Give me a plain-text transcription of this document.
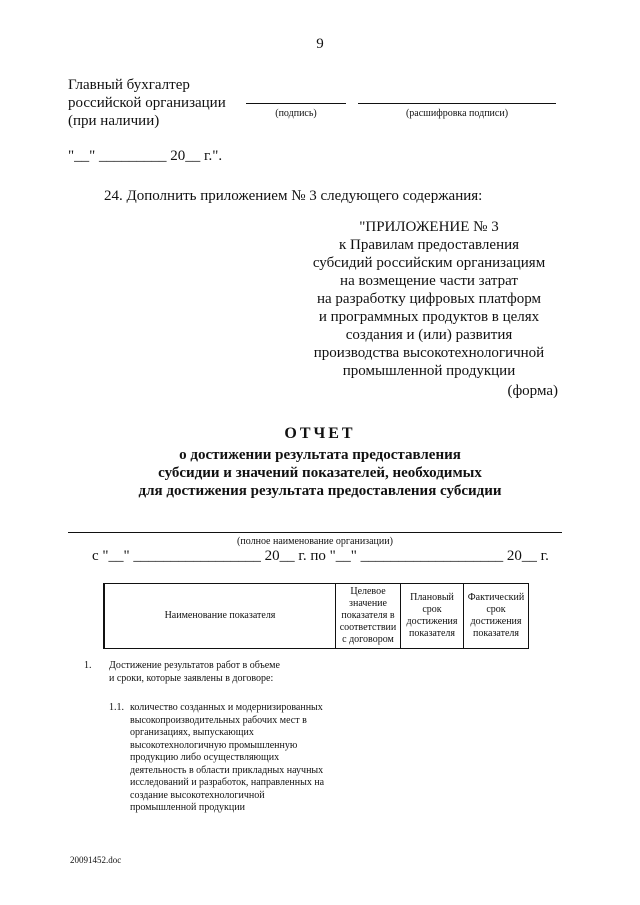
9
Главный бухгалтер
российской организации
(при наличии)	(подпись)	(расшифровка подписи)
"__" _________ 20__ г.".
24. Дополнить приложением № 3 следующего содержания:
"ПРИЛОЖЕНИЕ № 3
к Правилам предоставления
субсидий российским организациям
на возмещение части затрат
на разработку цифровых платформ
и программных продуктов в целях
создания и (или) развития
производства высокотехнологичной
промышленной продукции
(форма)
ОТЧЕТ
о достижении результата предоставления
субсидии и значений показателей, необходимых
для достижения результата предоставления субсидии
(полное наименование организации)
с "__" _________________ 20__ г. по "__" ___________________ 20__ г.
	Наименование показателя	Целевое значение показателя в соответствии с договором	Плановый срок достижения показателя	Фактический срок достижения показателя
1. Достижение результатов работ в объеме
и сроки, которые заявлены в договоре:
1.1. количество созданных и модернизированных
высокопроизводительных рабочих мест в
организациях, выпускающих
высокотехнологичную промышленную
продукцию либо осуществляющих
деятельность в области прикладных научных
исследований и разработок, направленных на
создание высокотехнологичной
промышленной продукции
20091452.doc
